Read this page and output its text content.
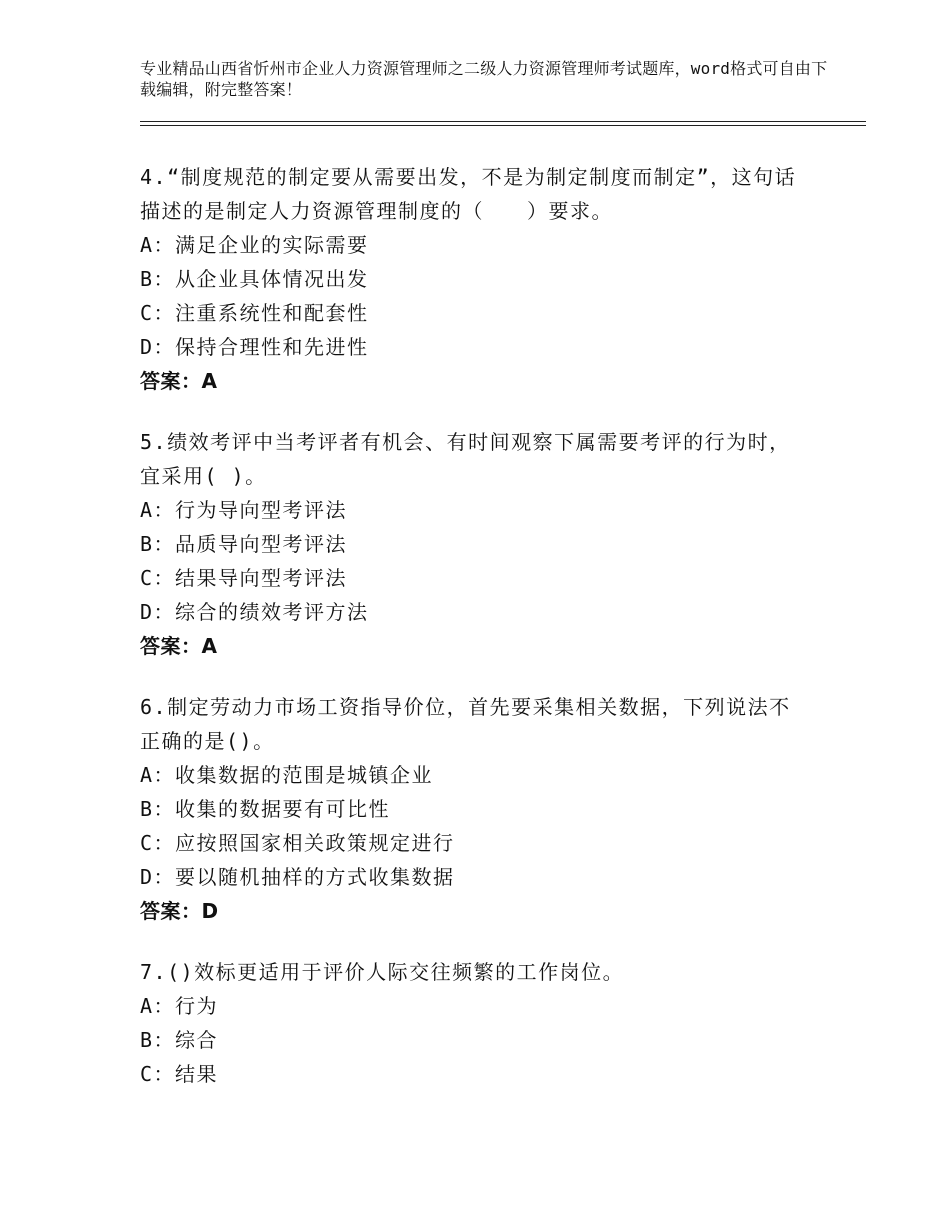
专业精品山西省忻州市企业人力资源管理师之二级人力资源管理师考试题库，word格式可自由下载编辑，附完整答案！
4.“制度规范的制定要从需要出发，不是为制定制度而制定”，这句话描述的是制定人力资源管理制度的（　　）要求。
A：满足企业的实际需要
B：从企业具体情况出发
C：注重系统性和配套性
D：保持合理性和先进性
答案：A
5.绩效考评中当考评者有机会、有时间观察下属需要考评的行为时，宜采用( )。
A：行为导向型考评法
B：品质导向型考评法
C：结果导向型考评法
D：综合的绩效考评方法
答案：A
6.制定劳动力市场工资指导价位，首先要采集相关数据，下列说法不正确的是()。
A：收集数据的范围是城镇企业
B：收集的数据要有可比性
C：应按照国家相关政策规定进行
D：要以随机抽样的方式收集数据
答案：D
7.()效标更适用于评价人际交往频繁的工作岗位。
A：行为
B：综合
C：结果
